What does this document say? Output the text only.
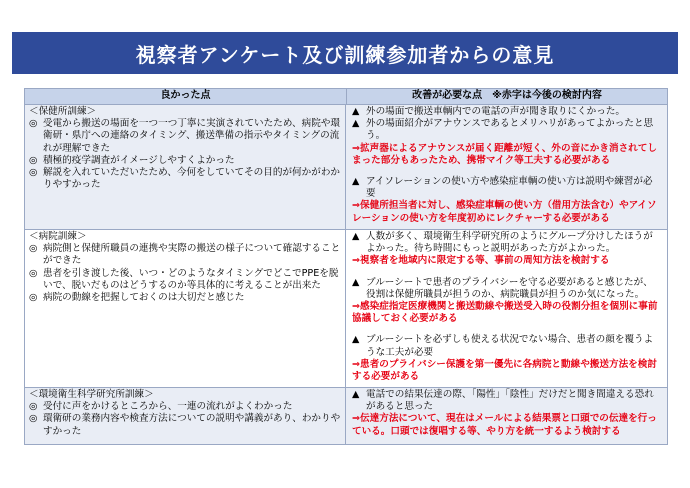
視察者アンケート及び訓練参加者からの意見
良かった点	改善が必要な点 ※赤字は今後の検討内容
＜保健所訓練＞
◎ 受電から搬送の場面を一つ一つ丁寧に実演されていたため、病院や環衛研・県庁への連絡のタイミング、搬送準備の指示やタイミングの流れが理解できた
◎ 積極的疫学調査がイメージしやすくよかった
◎ 解説を入れていただいたため、今何をしていてその目的が何かがわかりやすかった
▲ 外の場面で搬送車輌内での電話の声が聞き取りにくかった。
▲ 外の場面紹介がアナウンスであるとメリハリがあってよかったと思う。
⇒拡声器によるアナウンスが届く距離が短く、外の音にかき消されてしまった部分もあったため、携帯マイク等工夫する必要がある
▲ アイソレーションの使い方や感染症車輌の使い方は説明や練習が必要
⇒保健所担当者に対し、感染症車輌の使い方（借用方法含む）やアイソレーションの使い方を年度初めにレクチャーする必要がある
＜病院訓練＞
◎ 病院側と保健所職員の連携や実際の搬送の様子について確認することができた
◎ 患者を引き渡した後、いつ・どのようなタイミングでどこでPPEを脱いで、脱いだものはどうするのか等具体的に考えることが出来た
◎ 病院の動線を把握しておくのは大切だと感じた
▲ 人数が多く、環境衛生科学研究所のようにグループ分けしたほうがよかった。待ち時間にもっと説明があった方がよかった。
⇒視察者を地域内に限定する等、事前の周知方法を検討する
▲ ブルーシートで患者のプライバシーを守る必要があると感じたが、役割は保健所職員が担うのか、病院職員が担うのか気になった。
⇒感染症指定医療機関と搬送動線や搬送受入時の役割分担を個別に事前協議しておく必要がある
▲ ブルーシートを必ずしも使える状況でない場合、患者の顔を覆うような工夫が必要
⇒患者のプライバシー保護を第一優先に各病院と動線や搬送方法を検討する必要がある
＜環境衛生科学研究所訓練＞
◎ 受付に声をかけるところから、一連の流れがよくわかった
◎ 環衛研の業務内容や検査方法についての説明や講義があり、わかりやすかった
▲ 電話での結果伝達の際、「陽性」「陰性」だけだと聞き間違える恐れがあると思った
⇒伝達方法について、現在はメールによる結果票と口頭での伝達を行っている。口頭では復唱する等、やり方を統一するよう検討する
